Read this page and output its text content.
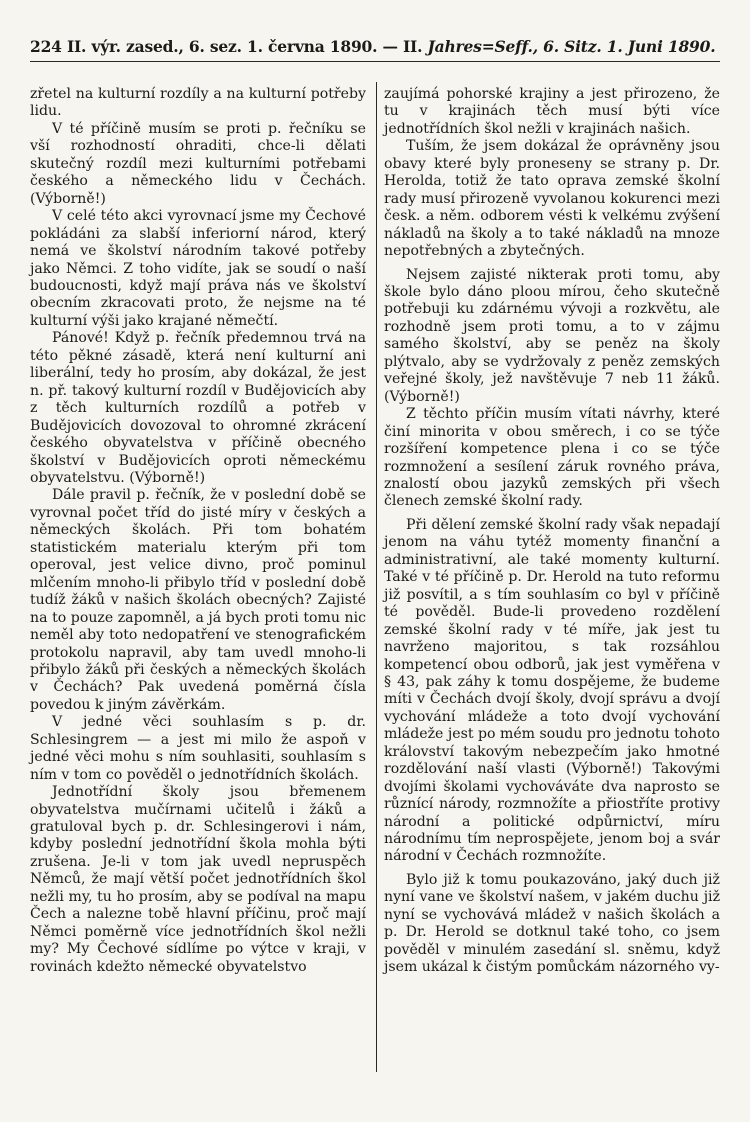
224 II. výr. zased., 6. sez. 1. června 1890. — II. Jahres=Seff., 6. Sitz. 1. Juni 1890.

zřetel na kulturní rozdíly a na kulturní potřeby lidu.

V té příčině musím se proti p. řečníku se vší rozhodností ohraditi, chce-li dělati skutečný rozdíl mezi kulturními potřebami českého a německého lidu v Čechách. (Výborně!)

V celé této akci vyrovnací jsme my Čechové pokládáni za slabší inferiorní národ, který nemá ve školství národním takové potřeby jako Němci. Z toho vidíte, jak se soudí o naší budoucnosti, když mají práva nás ve školství obecním zkracovati proto, že nejsme na té kulturní výši jako krajané němečtí.

Pánové! Když p. řečník předemnou trvá na této pěkné zásadě, která není kulturní ani liberální, tedy ho prosím, aby dokázal, že jest n. př. takový kulturní rozdíl v Budějovicích aby z těch kulturních rozdílů a potřeb v Budějovicích dovozoval to ohromné zkrácení českého obyvatelstva v příčině obecného školství v Budějovicích oproti německému obyvatelstvu. (Výborně!)

Dále pravil p. řečník, že v poslední době se vyrovnal počet tříd do jisté míry v českých a německých školách. Při tom bohatém statistickém materialu kterým při tom operoval, jest velice divno, proč pominul mlčením mnoho-li přibylo tříd v poslední době tudíž žáků v našich školách obecných? Zajisté na to pouze zapomněl, a já bych proti tomu nic neměl aby toto nedopatření ve stenografickém protokolu napravil, aby tam uvedl mnoho-li přibylo žáků při českých a německých školách v Čechách? Pak uvedená poměrná čísla povedou k jiným závěrkám.

V jedné věci souhlasím s p. dr. Schlesingrem — a jest mi milo že aspoň v jedné věci mohu s ním souhlasiti, souhlasím s ním v tom co pověděl o jednotřídních školách.

Jednotřídní školy jsou břemenem obyvatelstva mučírnami učitelů i žáků a gratuloval bych p. dr. Schlesingerovi i nám, kdyby poslední jednotřídní škola mohla býti zrušena. Je-li v tom jak uvedl nepruspěch Němců, že mají větší počet jednotřídních škol nežli my, tu ho prosím, aby se podíval na mapu Čech a nalezne tobě hlavní příčinu, proč mají Němci poměrně více jednotřídních škol nežli my? My Čechové sídlíme po výtce v kraji, v rovinách kdežto německé obyvatelstvo

zaujímá pohorské krajiny a jest přirozeno, že tu v krajinách těch musí býti více jednotřídních škol nežli v krajinách našich.

Tuším, že jsem dokázal že oprávněny jsou obavy které byly proneseny se strany p. Dr. Herolda, totiž že tato oprava zemské školní rady musí přirozeně vyvolanou kokurenci mezi česk. a něm. odborem vésti k velkému zvýšení nákladů na školy a to také nákladů na mnoze nepotřebných a zbytečných.

Nejsem zajisté nikterak proti tomu, aby škole bylo dáno ploou mírou, čeho skutečně potřebuji ku zdárnému vývoji a rozkvětu, ale rozhodně jsem proti tomu, a to v zájmu samého školství, aby se peněz na školy plýtvalo, aby se vydržovaly z peněz zemských veřejné školy, jež navštěvuje 7 neb 11 žáků. (Výborně!)

Z těchto příčin musím vítati návrhy, které činí minorita v obou směrech, i co se týče rozšíření kompetence plena i co se týče rozmnožení a sesílení záruk rovného práva, znalostí obou jazyků zemských při všech členech zemské školní rady.

Při dělení zemské školní rady však nepadají jenom na váhu tytéž momenty finanční a administrativní, ale také momenty kulturní. Také v té příčině p. Dr. Herold na tuto reformu již posvítil, a s tím souhlasím co byl v příčině té pověděl. Bude-li provedeno rozdělení zemské školní rady v té míře, jak jest tu navrženo majoritou, s tak rozsáhlou kompetencí obou odborů, jak jest vyměřena v § 43, pak záhy k tomu dospějeme, že budeme míti v Čechách dvojí školy, dvojí správu a dvojí vychování mládeže a toto dvojí vychování mládeže jest po mém soudu pro jednotu tohoto království takovým nebezpečím jako hmotné rozdělování naší vlasti (Výborně!) Takovými dvojími školami vychováváte dva naprosto se různící národy, rozmnožíte a přiostříte protivy národní a politické odpůrnictví, míru národnímu tím neprospějete, jenom boj a svár národní v Čechách rozmnožíte.

Bylo již k tomu poukazováno, jaký duch již nyní vane ve školství našem, v jakém duchu již nyní se vychovává mládež v našich školách a p. Dr. Herold se dotknul také toho, co jsem pověděl v minulém zasedání sl. sněmu, když jsem ukázal k čistým pomůckám názorného vy-
